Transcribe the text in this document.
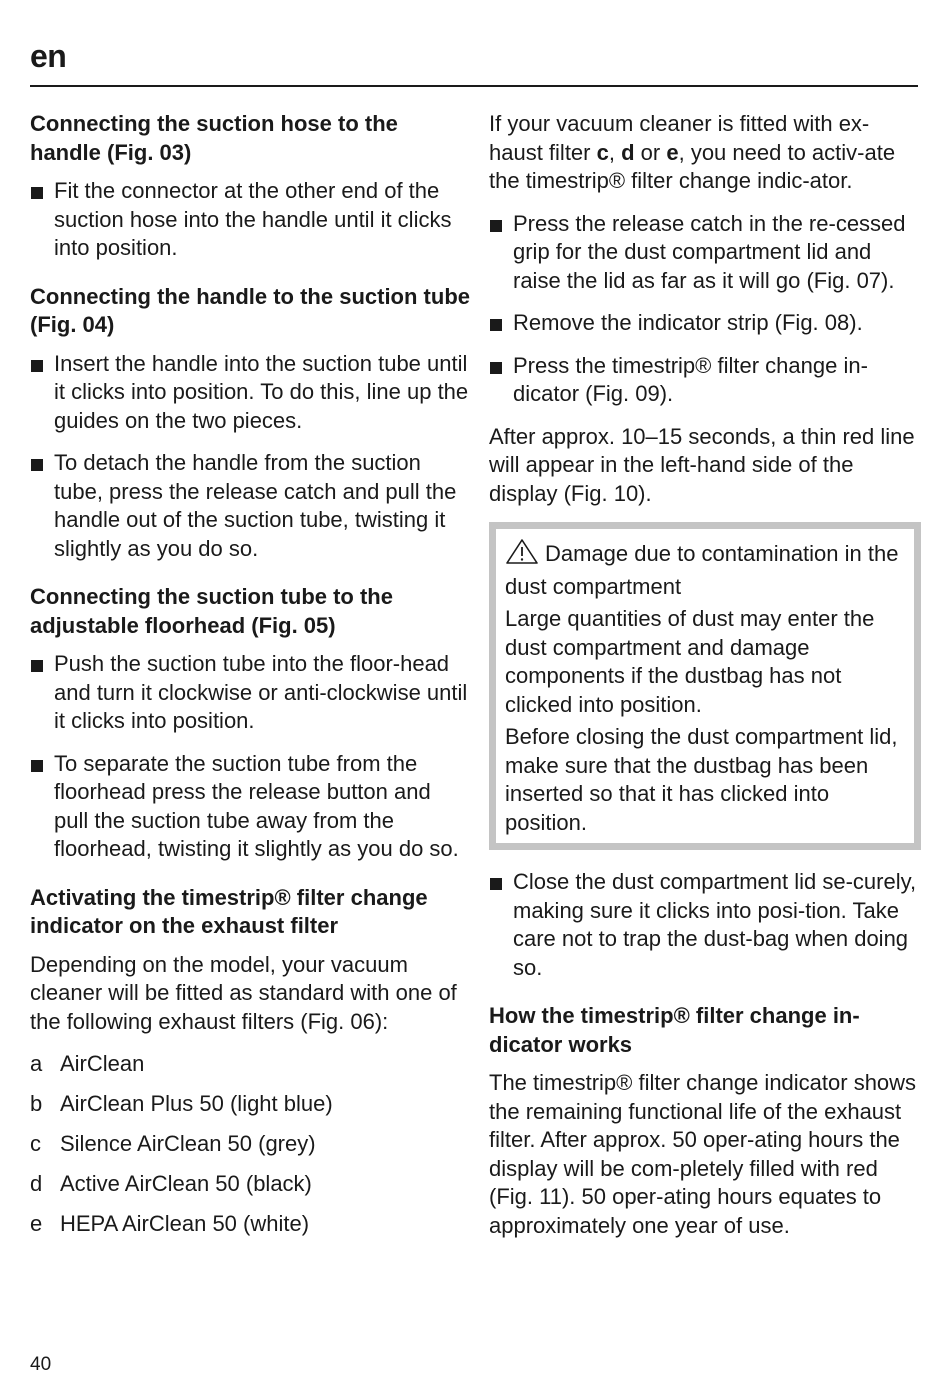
en
Connecting the suction hose to the handle (Fig. 03)
Fit the connector at the other end of the suction hose into the handle until it clicks into position.
Connecting the handle to the suction tube (Fig. 04)
Insert the handle into the suction tube until it clicks into position. To do this, line up the guides on the two pieces.
To detach the handle from the suction tube, press the release catch and pull the handle out of the suction tube, twisting it slightly as you do so.
Connecting the suction tube to the adjustable floorhead (Fig. 05)
Push the suction tube into the floor-head and turn it clockwise or anti-clockwise until it clicks into position.
To separate the suction tube from the floorhead press the release button and pull the suction tube away from the floorhead, twisting it slightly as you do so.
Activating the timestrip® filter change indicator on the exhaust filter

Depending on the model, your vacuum cleaner will be fitted as standard with one of the following exhaust filters (Fig. 06):

a AirClean
b AirClean Plus 50 (light blue)
c Silence AirClean 50 (grey)
d Active AirClean 50 (black)
e HEPA AirClean 50 (white)

If your vacuum cleaner is fitted with ex-haust filter c, d or e, you need to activ-ate the timestrip® filter change indic-ator.

Press the release catch in the re-cessed grip for the dust compartment lid and raise the lid as far as it will go (Fig. 07).
Remove the indicator strip (Fig. 08).
Press the timestrip® filter change in-dicator (Fig. 09).

After approx. 10–15 seconds, a thin red line will appear in the left-hand side of the display (Fig. 10).

Damage due to contamination in the dust compartment

Large quantities of dust may enter the dust compartment and damage components if the dustbag has not clicked into position.

Before closing the dust compartment lid, make sure that the dustbag has been inserted so that it has clicked into position.

Close the dust compartment lid se-curely, making sure it clicks into posi-tion. Take care not to trap the dust-bag when doing so.
How the timestrip® filter change in-dicator works

The timestrip® filter change indicator shows the remaining functional life of the exhaust filter. After approx. 50 oper-ating hours the display will be com-pletely filled with red (Fig. 11). 50 oper-ating hours equates to approximately one year of use.

40
